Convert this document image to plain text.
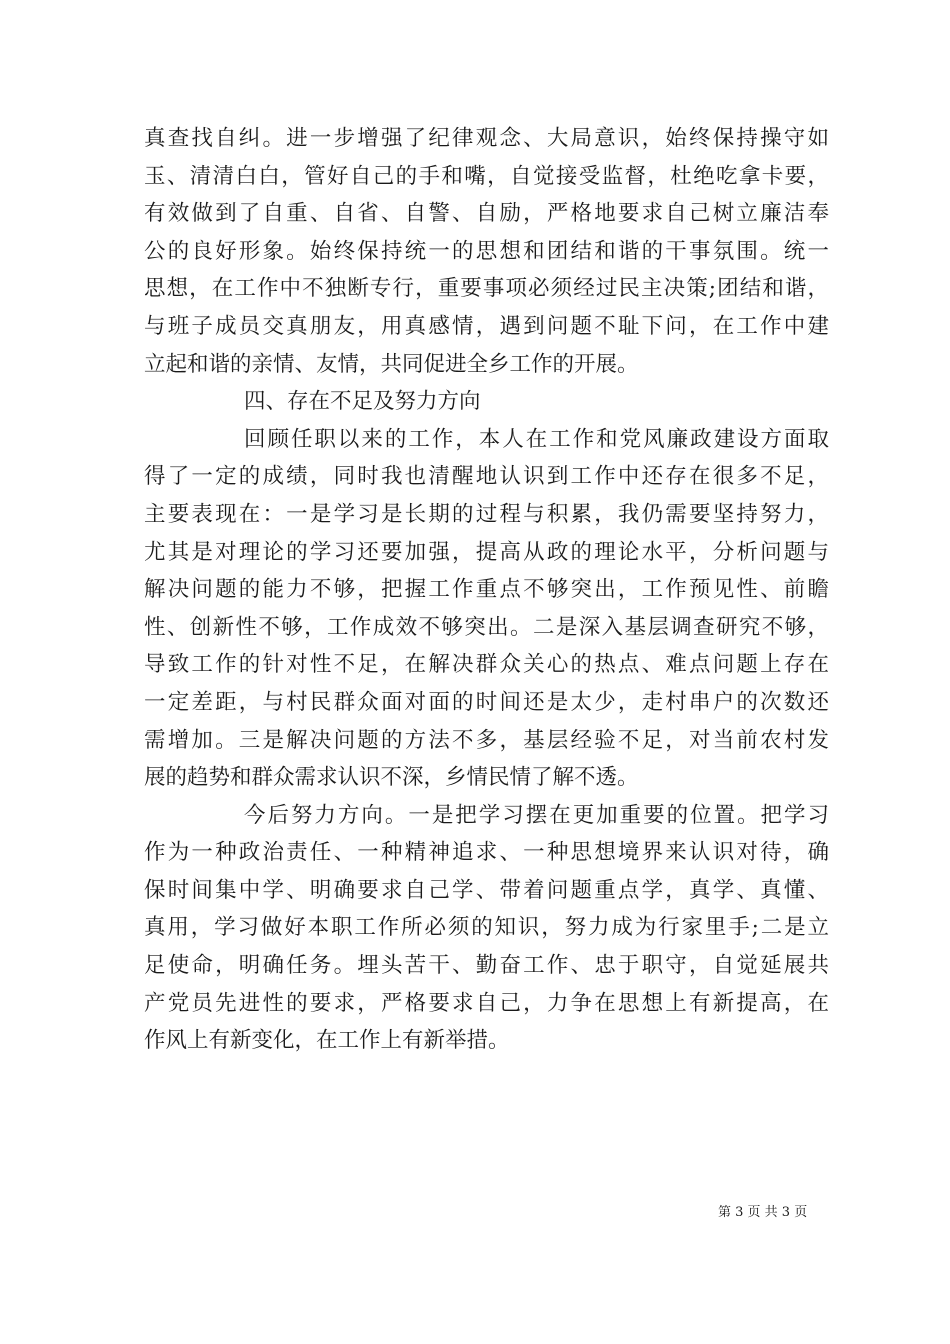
真查找自纠。进一步增强了纪律观念、大局意识，始终保持操守如
玉、清清白白，管好自己的手和嘴，自觉接受监督，杜绝吃拿卡要，
有效做到了自重、自省、自警、自励，严格地要求自己树立廉洁奉
公的良好形象。始终保持统一的思想和团结和谐的干事氛围。统一
思想，在工作中不独断专行，重要事项必须经过民主决策;团结和谐，
与班子成员交真朋友，用真感情，遇到问题不耻下问，在工作中建
立起和谐的亲情、友情，共同促进全乡工作的开展。
四、存在不足及努力方向
回顾任职以来的工作，本人在工作和党风廉政建设方面取
得了一定的成绩，同时我也清醒地认识到工作中还存在很多不足，
主要表现在：一是学习是长期的过程与积累，我仍需要坚持努力，
尤其是对理论的学习还要加强，提高从政的理论水平，分析问题与
解决问题的能力不够，把握工作重点不够突出，工作预见性、前瞻
性、创新性不够，工作成效不够突出。二是深入基层调查研究不够，
导致工作的针对性不足，在解决群众关心的热点、难点问题上存在
一定差距，与村民群众面对面的时间还是太少，走村串户的次数还
需增加。三是解决问题的方法不多，基层经验不足，对当前农村发
展的趋势和群众需求认识不深，乡情民情了解不透。
今后努力方向。一是把学习摆在更加重要的位置。把学习
作为一种政治责任、一种精神追求、一种思想境界来认识对待，确
保时间集中学、明确要求自己学、带着问题重点学，真学、真懂、
真用，学习做好本职工作所必须的知识，努力成为行家里手;二是立
足使命，明确任务。埋头苦干、勤奋工作、忠于职守，自觉延展共
产党员先进性的要求，严格要求自己，力争在思想上有新提高，在
作风上有新变化，在工作上有新举措。
第 3 页 共 3 页
